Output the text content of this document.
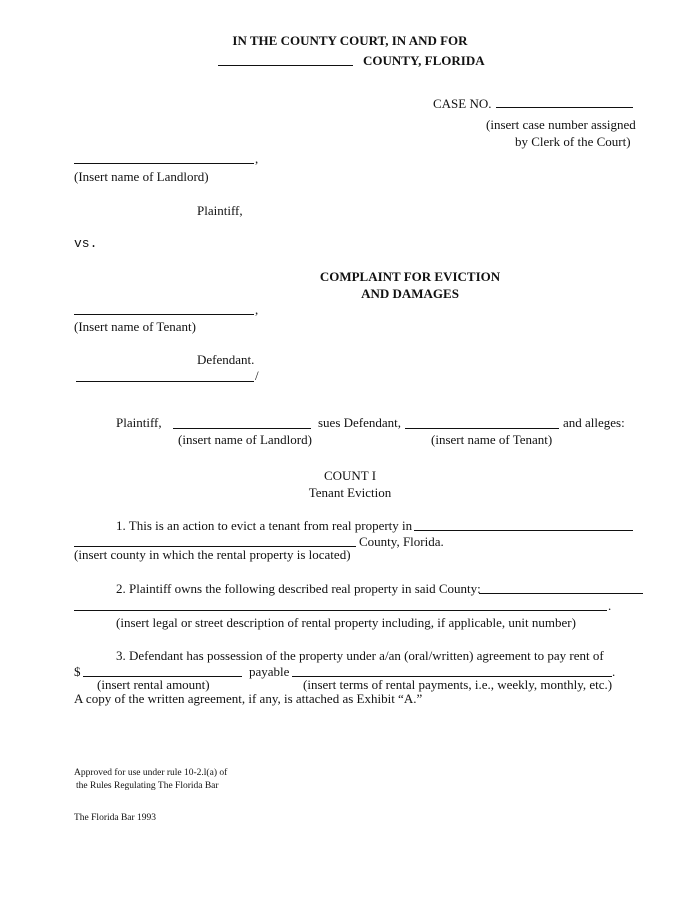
IN THE COUNTY COURT, IN AND FOR
COUNTY, FLORIDA
CASE NO.
(insert case number assigned
by Clerk of the Court)
,
(Insert name of Landlord)
Plaintiff,
vs.
COMPLAINT FOR EVICTION
AND DAMAGES
,
(Insert name of Tenant)
Defendant.
/
Plaintiff,	sues Defendant,	and alleges:
(insert name of Landlord)	(insert name of Tenant)
COUNT I
Tenant Eviction
1. This is an action to evict a tenant from real property in
County, Florida.
(insert county in which the rental property is located)
2. Plaintiff owns the following described real property in said County:
.
(insert legal or street description of rental property including, if applicable, unit number)
3. Defendant has possession of the property under a/an (oral/written) agreement to pay rent of
$	payable	.
(insert rental amount)	(insert terms of rental payments, i.e., weekly, monthly, etc.)
A copy of the written agreement, if any, is attached as Exhibit “A.”
Approved for use under rule 10-2.l(a) of
the Rules Regulating The Florida Bar
The Florida Bar 1993
